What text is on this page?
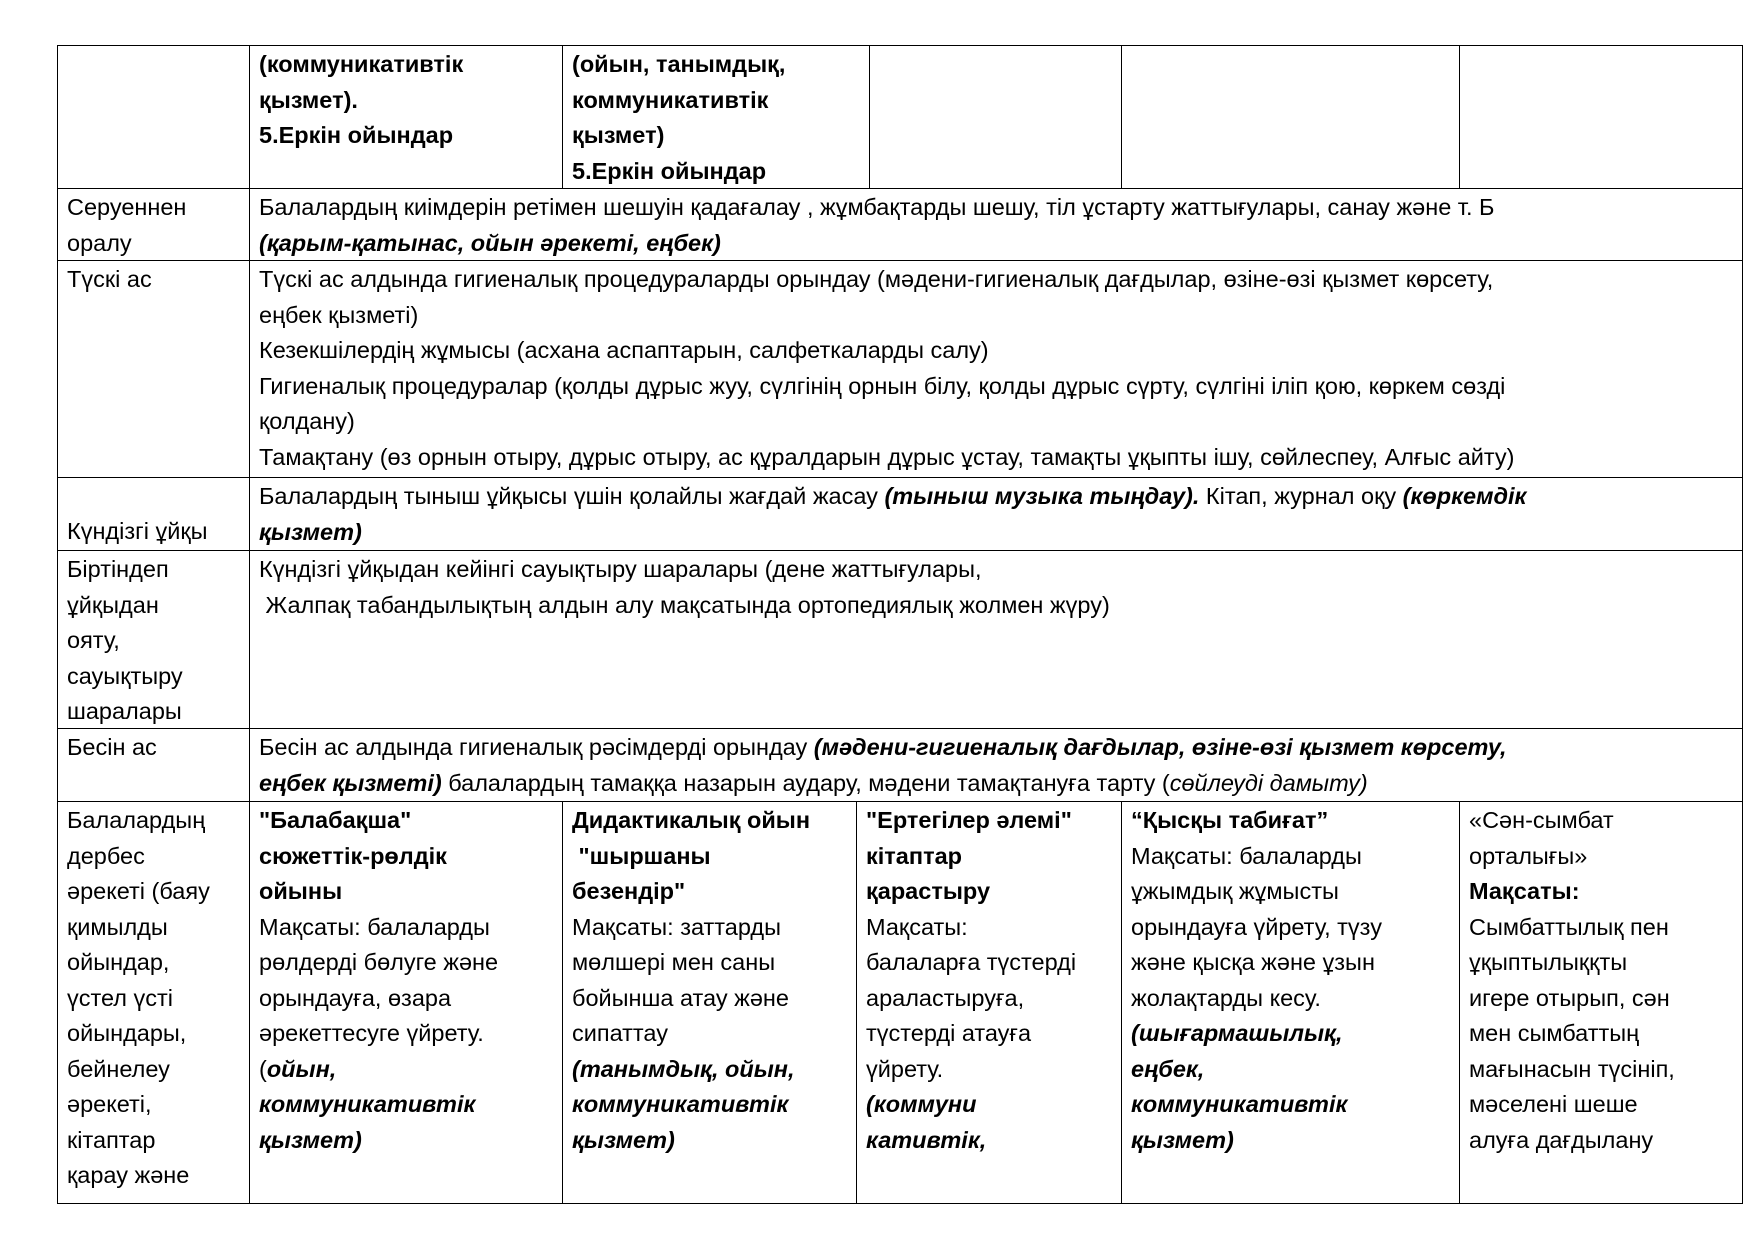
(коммуникативтік
қызмет).
5.Еркін ойындар
(ойын, танымдық,
коммуникативтік
қызмет)
5.Еркін ойындар
Серуеннен
оралу
Балалардың киімдерін ретімен шешуін қадағалау , жұмбақтарды шешу, тіл ұстарту жаттығулары, санау және т. Б
(қарым-қатынас, ойын әрекеті, еңбек)
Түскі ас	Түскі ас алдында гигиеналық процедураларды орындау (мәдени-гигиеналық дағдылар, өзіне-өзі қызмет көрсету,
еңбек қызметі)
Кезекшілердің жұмысы (асхана аспаптарын, салфеткаларды салу)
Гигиеналық процедуралар (қолды дұрыс жуу, сүлгінің орнын білу, қолды дұрыс сүрту, сүлгіні іліп қою, көркем сөзді
қолдану)
Тамақтану (өз орнын отыру, дұрыс отыру, ас құралдарын дұрыс ұстау, тамақты ұқыпты ішу, сөйлеспеу, Алғыс айту)
Күндізгі ұйқы
Балалардың тыныш ұйқысы үшін қолайлы жағдай жасау (тыныш музыка тыңдау). Кітап, журнал оқу (көркемдік
қызмет)
Біртіндеп
ұйқыдан
ояту,
сауықтыру
шаралары
Күндізгі ұйқыдан кейінгі сауықтыру шаралары (дене жаттығулары,
Жалпақ табандылықтың алдын алу мақсатында ортопедиялық жолмен жүру)
Бесін ас	Бесін ас алдында гигиеналық рәсімдерді орындау (мәдени-гигиеналық дағдылар, өзіне-өзі қызмет көрсету,
еңбек қызметі) балалардың тамаққа назарын аудару, мәдени тамақтануға тарту (сөйлеуді дамыту)
Балалардың
дербес
әрекеті (баяу
қимылды
ойындар,
үстел үсті
ойындары,
бейнелеу
әрекеті,
кітаптар
қарау және
"Балабақша"
сюжеттік-рөлдік
ойыны
Мақсаты: балаларды
рөлдерді бөлуге және
орындауға, өзара
әрекеттесуге үйрету.
(ойын,
коммуникативтік
қызмет)
Дидактикалық ойын
"шыршаны
безендір"
Мақсаты: заттарды
мөлшері мен саны
бойынша атау және
сипаттау
(танымдық, ойын,
коммуникативтік
қызмет)
"Ертегілер әлемі"
кітаптар
қарастыру
Мақсаты:
балаларға түстерді
араластыруға,
түстерді атауға
үйрету.
(коммуни
кативтік,
“Қысқы табиғат”
Мақсаты: балаларды
ұжымдық жұмысты
орындауға үйрету, түзу
және қысқа және ұзын
жолақтарды кесу.
(шығармашылық,
еңбек,
коммуникативтік
қызмет)
«Сән-сымбат
орталығы»
Мақсаты:
Сымбаттылық пен
ұқыптылыққты
игере отырып, сән
мен сымбаттың
мағынасын түсініп,
мәселені шеше
алуға дағдылану
